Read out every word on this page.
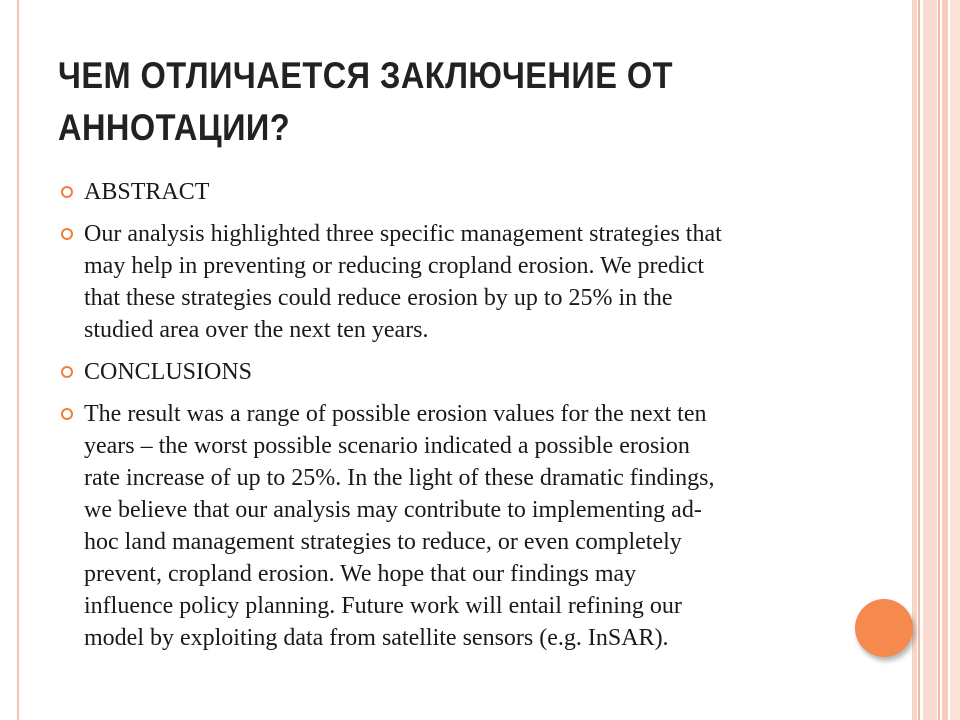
ЧЕМ ОТЛИЧАЕТСЯ ЗАКЛЮЧЕНИЕ ОТ
АННОТАЦИИ?
ABSTRACT
Our analysis highlighted three specific management strategies that
may help in preventing or reducing cropland erosion. We predict
that these strategies could reduce erosion by up to 25% in the
studied area over the next ten years.
CONCLUSIONS
The result was a range of possible erosion values for the next ten
years – the worst possible scenario indicated a possible erosion
rate increase of up to 25%. In the light of these dramatic findings,
we believe that our analysis may contribute to implementing ad-
hoc land management strategies to reduce, or even completely
prevent, cropland erosion. We hope that our findings may
influence policy planning. Future work will entail refining our
model by exploiting data from satellite sensors (e.g. InSAR).
